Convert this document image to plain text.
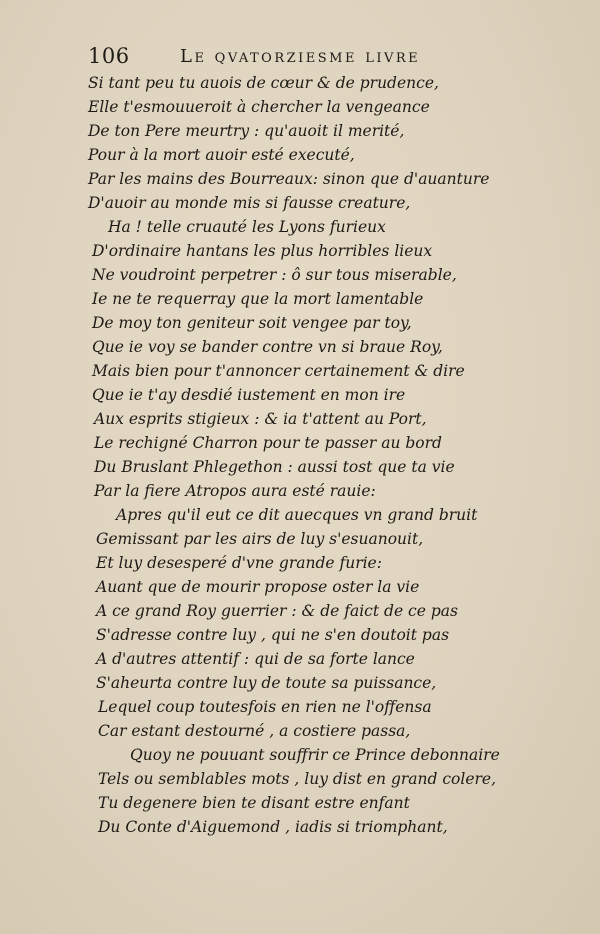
106	Le qvatorziesme livre
Si tant peu tu auois de cœur & de prudence,
Elle t'esmouueroit à chercher la vengeance
De ton Pere meurtry : qu'auoit il merité,
Pour à la mort auoir esté executé,
Par les mains des Bourreaux: sinon que d'auanture
D'auoir au monde mis si fausse creature,
Ha ! telle cruauté les Lyons furieux
D'ordinaire hantans les plus horribles lieux
Ne voudroint perpetrer : ô sur tous miserable,
Ie ne te requerray que la mort lamentable
De moy ton geniteur soit vengee par toy,
Que ie voy se bander contre vn si braue Roy,
Mais bien pour t'annoncer certainement & dire
Que ie t'ay desdié iustement en mon ire
Aux esprits stigieux : & ia t'attent au Port,
Le rechigné Charron pour te passer au bord
Du Bruslant Phlegethon : aussi tost que ta vie
Par la fiere Atropos aura esté rauie:
Apres qu'il eut ce dit auecques vn grand bruit
Gemissant par les airs de luy s'esuanouit,
Et luy desesperé d'vne grande furie:
Auant que de mourir propose oster la vie
A ce grand Roy guerrier : & de faict de ce pas
S'adresse contre luy , qui ne s'en doutoit pas
A d'autres attentif : qui de sa forte lance
S'aheurta contre luy de toute sa puissance,
Lequel coup toutesfois en rien ne l'offensa
Car estant destourné , a costiere passa,
Quoy ne pouuant souffrir ce Prince debonnaire
Tels ou semblables mots , luy dist en grand colere,
Tu degenere bien te disant estre enfant
Du Conte d'Aiguemond , iadis si triomphant,
